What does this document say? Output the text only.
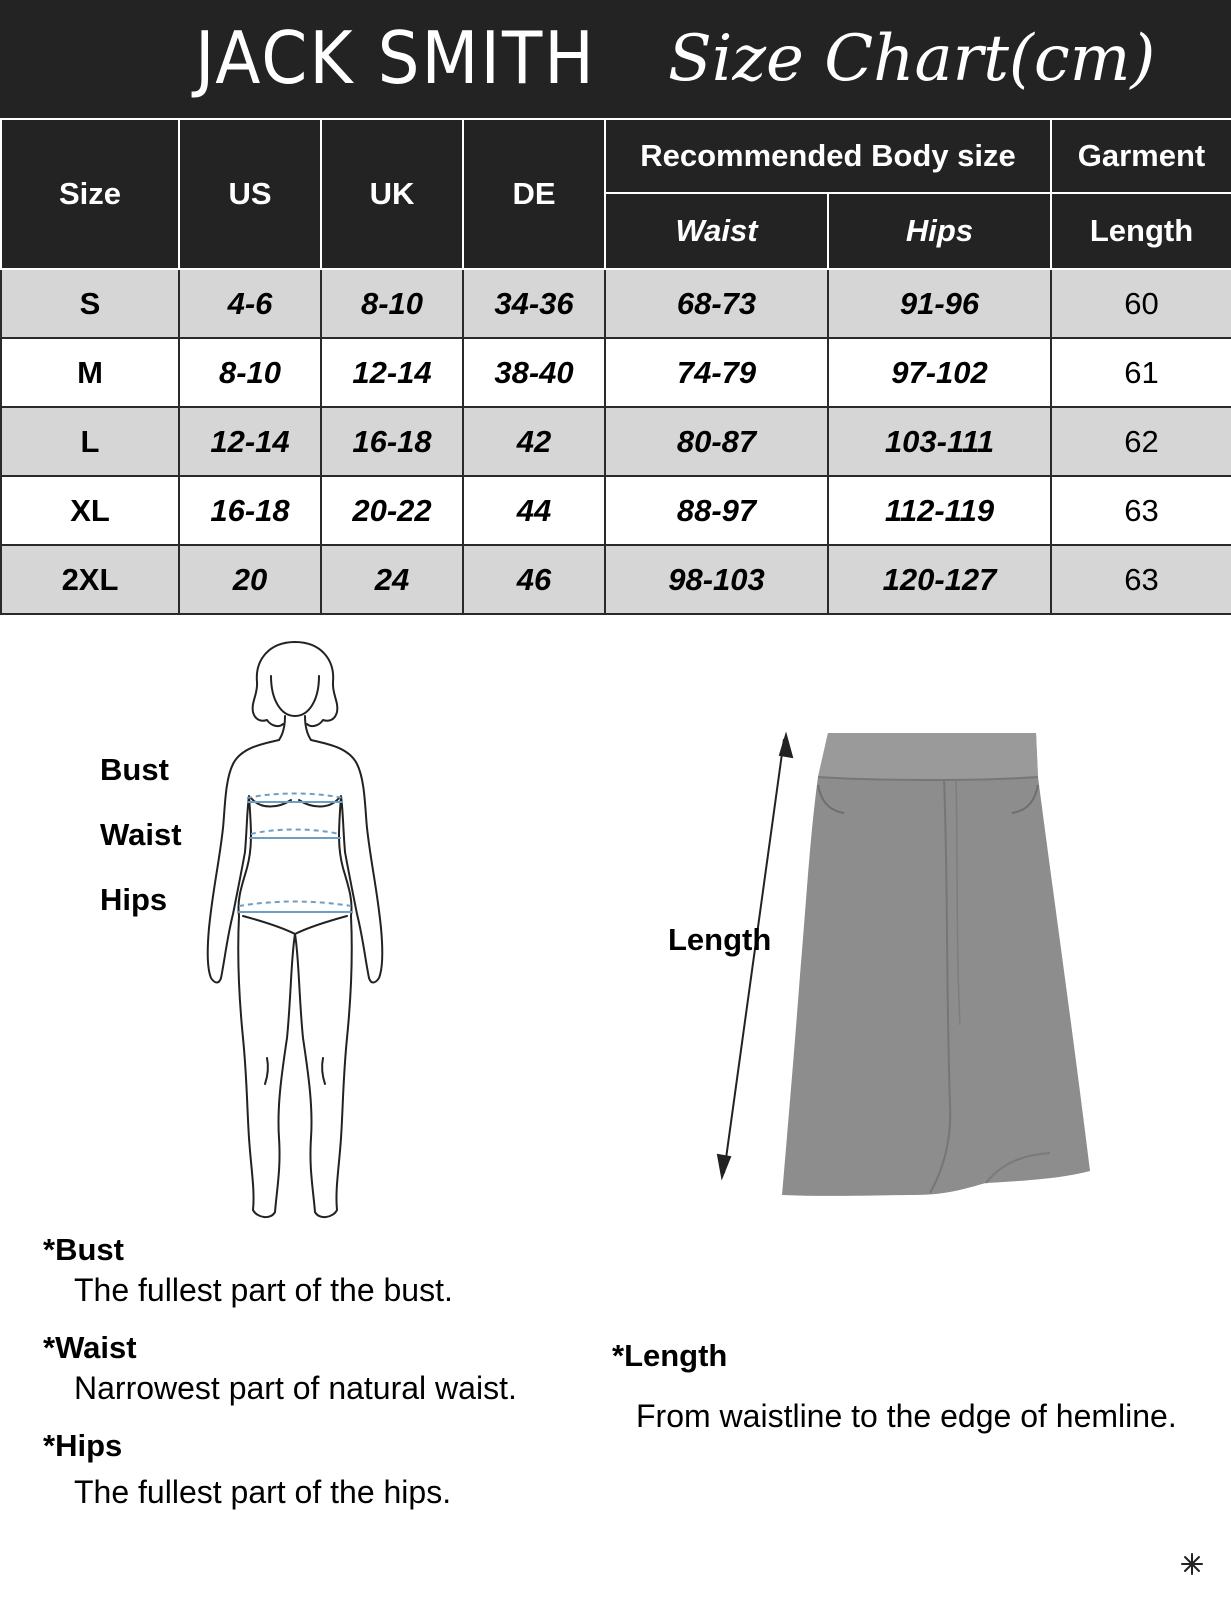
JACK SMITH Size Chart(cm)
Size	US	UK	DE	Recommended Body size		Garment
				Waist	Hips	Length
S	4-6	8-10	34-36	68-73	91-96	60
M	8-10	12-14	38-40	74-79	97-102	61
L	12-14	16-18	42	80-87	103-111	62
XL	16-18	20-22	44	88-97	112-119	63
2XL	20	24	46	98-103	120-127	63
Bust
Waist
Hips
Length
*Bust
The fullest part of the bust.
*Waist
Narrowest part of natural waist.
*Hips
The fullest part of the hips.
*Length
From waistline to the edge of hemline.
